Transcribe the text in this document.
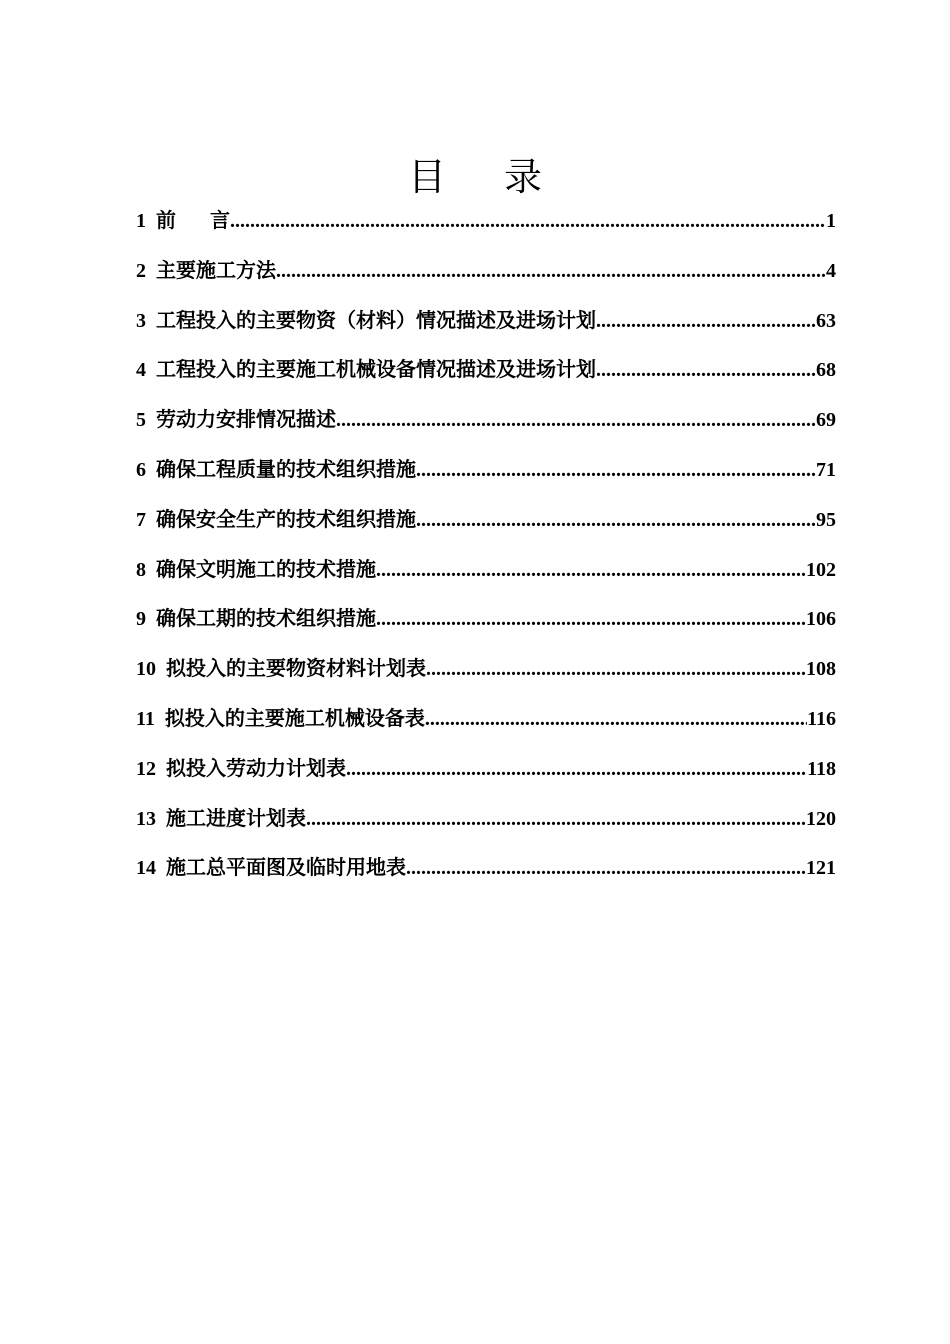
目 录
1 前 言 .....	1
2 主要施工方法 .....	4
3 工程投入的主要物资（材料）情况描述及进场计划 .....	63
4 工程投入的主要施工机械设备情况描述及进场计划 .....	68
5 劳动力安排情况描述 .....	69
6 确保工程质量的技术组织措施 .....	71
7 确保安全生产的技术组织措施 .....	95
8 确保文明施工的技术措施 .....	102
9 确保工期的技术组织措施 .....	106
10 拟投入的主要物资材料计划表 .....	108
11 拟投入的主要施工机械设备表 .....	116
12 拟投入劳动力计划表 .....	118
13 施工进度计划表 .....	120
14 施工总平面图及临时用地表 .....	121
